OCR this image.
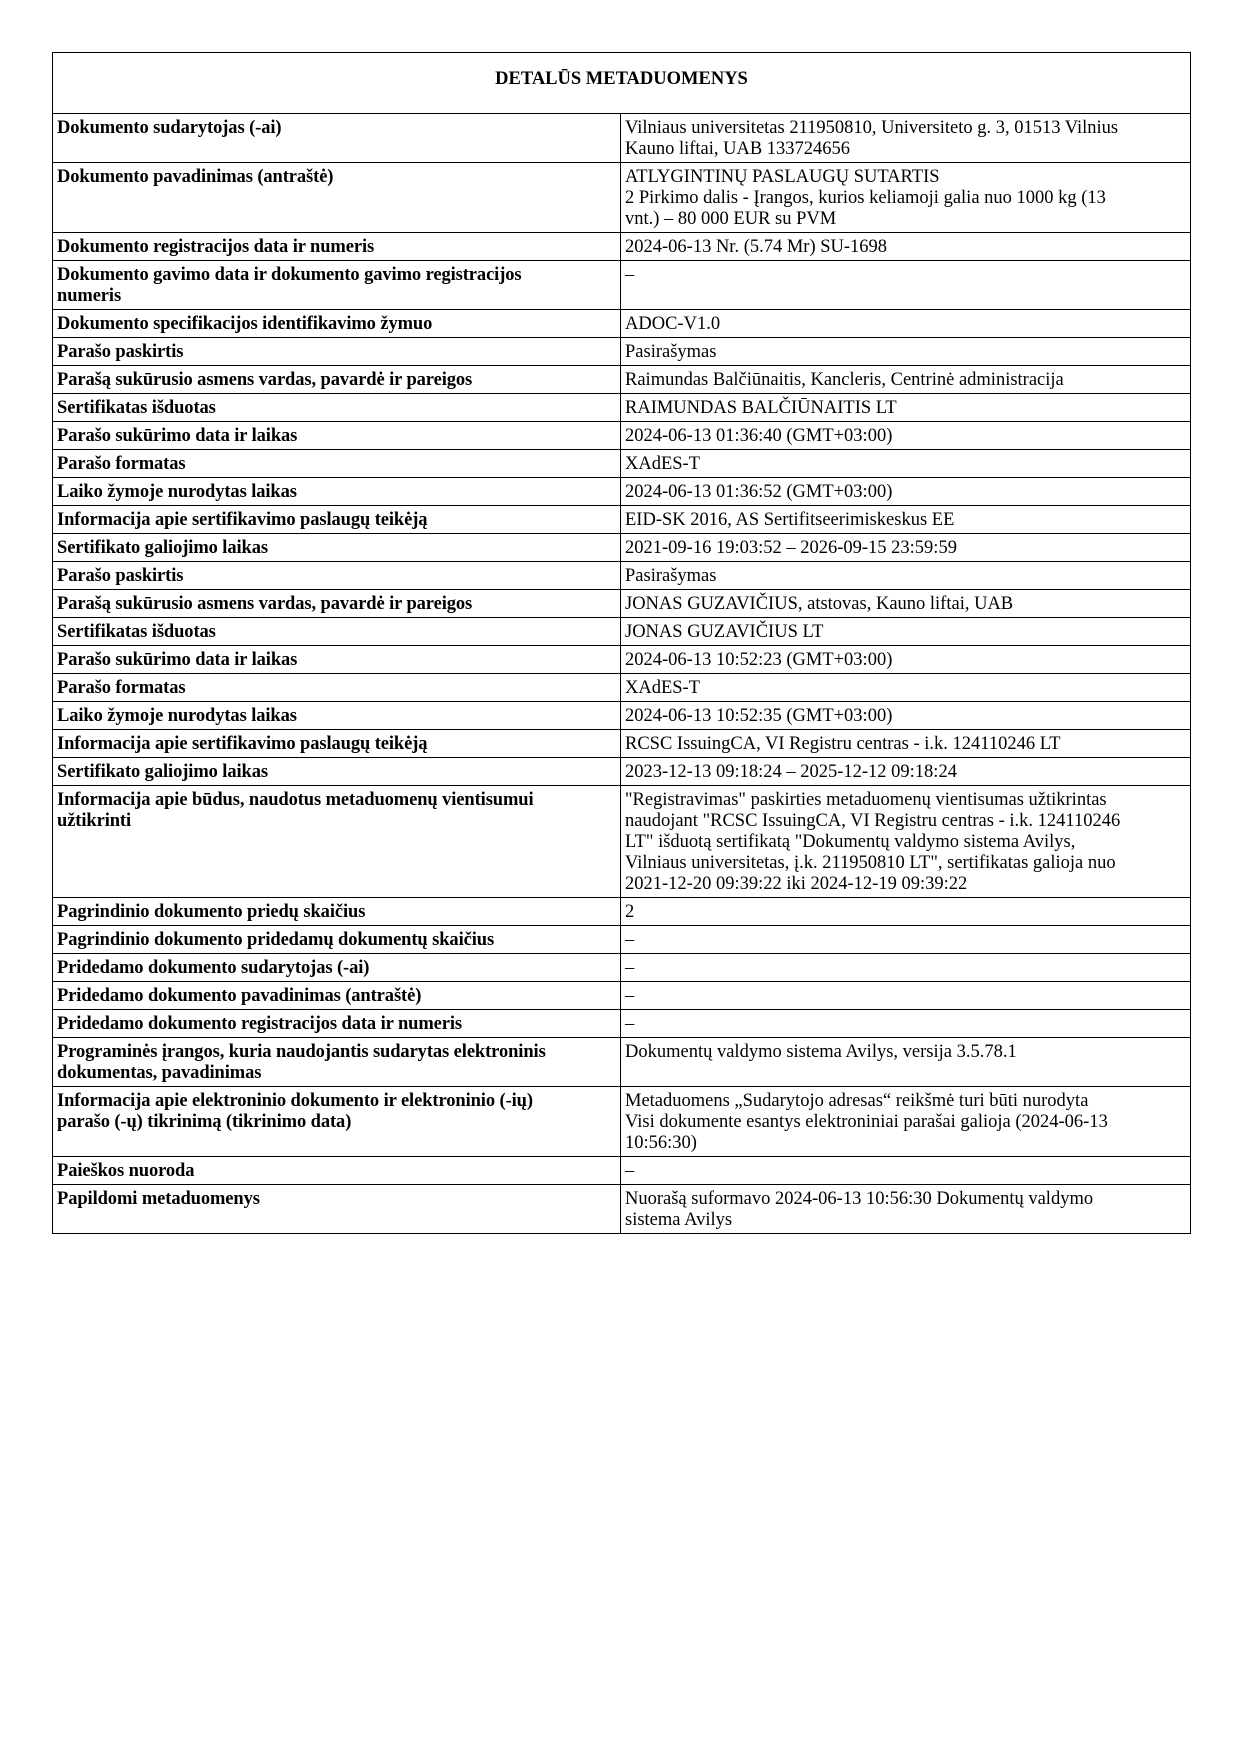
DETALŪS METADUOMENYS	

Dokumento sudarytojas (-ai)	Vilniaus universitetas 211950810, Universiteto g. 3, 01513 Vilnius
Kauno liftai, UAB 133724656

Dokumento pavadinimas (antraštė)	ATLYGINTINŲ PASLAUGŲ SUTARTIS
2 Pirkimo dalis - Įrangos, kurios keliamoji galia nuo 1000 kg (13
vnt.) – 80 000 EUR su PVM

Dokumento registracijos data ir numeris	2024-06-13 Nr. (5.74 Mr) SU-1698

Dokumento gavimo data ir dokumento gavimo registracijos
numeris	–

Dokumento specifikacijos identifikavimo žymuo	ADOC-V1.0

Parašo paskirtis	Pasirašymas

Parašą sukūrusio asmens vardas, pavardė ir pareigos	Raimundas Balčiūnaitis, Kancleris, Centrinė administracija

Sertifikatas išduotas	RAIMUNDAS BALČIŪNAITIS LT

Parašo sukūrimo data ir laikas	2024-06-13 01:36:40 (GMT+03:00)

Parašo formatas	XAdES-T

Laiko žymoje nurodytas laikas	2024-06-13 01:36:52 (GMT+03:00)

Informacija apie sertifikavimo paslaugų teikėją	EID-SK 2016, AS Sertifitseerimiskeskus EE

Sertifikato galiojimo laikas	2021-09-16 19:03:52 – 2026-09-15 23:59:59

Parašo paskirtis	Pasirašymas

Parašą sukūrusio asmens vardas, pavardė ir pareigos	JONAS GUZAVIČIUS, atstovas, Kauno liftai, UAB

Sertifikatas išduotas	JONAS GUZAVIČIUS LT

Parašo sukūrimo data ir laikas	2024-06-13 10:52:23 (GMT+03:00)

Parašo formatas	XAdES-T

Laiko žymoje nurodytas laikas	2024-06-13 10:52:35 (GMT+03:00)

Informacija apie sertifikavimo paslaugų teikėją	RCSC IssuingCA, VI Registru centras - i.k. 124110246 LT

Sertifikato galiojimo laikas	2023-12-13 09:18:24 – 2025-12-12 09:18:24

Informacija apie būdus, naudotus metaduomenų vientisumui
užtikrinti	"Registravimas" paskirties metaduomenų vientisumas užtikrintas
naudojant "RCSC IssuingCA, VI Registru centras - i.k. 124110246
LT" išduotą sertifikatą "Dokumentų valdymo sistema Avilys,
Vilniaus universitetas, į.k. 211950810 LT", sertifikatas galioja nuo
2021-12-20 09:39:22 iki 2024-12-19 09:39:22

Pagrindinio dokumento priedų skaičius	2

Pagrindinio dokumento pridedamų dokumentų skaičius	–

Pridedamo dokumento sudarytojas (-ai)	–

Pridedamo dokumento pavadinimas (antraštė)	–

Pridedamo dokumento registracijos data ir numeris	–

Programinės įrangos, kuria naudojantis sudarytas elektroninis
dokumentas, pavadinimas	Dokumentų valdymo sistema Avilys, versija 3.5.78.1

Informacija apie elektroninio dokumento ir elektroninio (-ių)
parašo (-ų) tikrinimą (tikrinimo data)	Metaduomens „Sudarytojo adresas“ reikšmė turi būti nurodyta
Visi dokumente esantys elektroniniai parašai galioja (2024-06-13
10:56:30)

Paieškos nuoroda	–

Papildomi metaduomenys	Nuorašą suformavo 2024-06-13 10:56:30 Dokumentų valdymo
sistema Avilys
